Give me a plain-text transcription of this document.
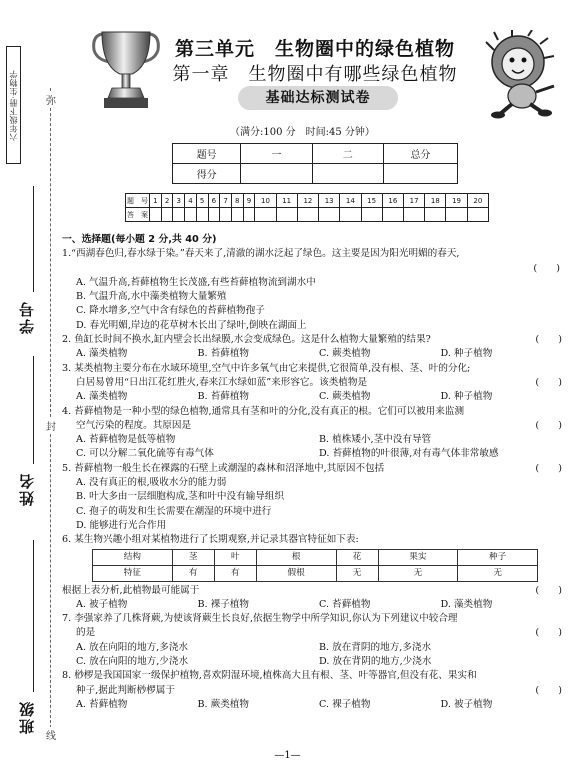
六年级下册·生物学
学号
姓名
班级
弥
封
线
第三单元　生物圈中的绿色植物
第一章　生物圈中有哪些绿色植物
基础达标测试卷
（满分:100 分　时间:45 分钟）
题号	一	二	总分
得分			
题　号	1	2	3	4	5	6	7	8	9	10	11	12	13	14	15	16	17	18	19	20
答　案																				
一、选择题(每小题 2 分,共 40 分)
1.“西湖春色归,春水绿于染。”春天来了,清澈的湖水泛起了绿色。这主要是因为阳光明媚的春天,
(　　)
A. 气温升高,苔藓植物生长茂盛,有些苔藓植物流到湖水中
B. 气温升高,水中藻类植物大量繁殖
C. 降水增多,空气中含有绿色的苔藓植物孢子
D. 春光明媚,岸边的花草树木长出了绿叶,倒映在湖面上
(　　)
2. 鱼缸长时间不换水,缸内壁会长出绿膜,水会变成绿色。这是什么植物大量繁殖的结果?
A. 藻类植物	B. 苔藓植物	C. 蕨类植物	D. 种子植物
3. 某类植物主要分布在水域环境里,空气中许多氧气由它来提供,它很简单,没有根、茎、叶的分化;
(　　)
白居易曾用“日出江花红胜火,春来江水绿如蓝”来形容它。该类植物是
A. 藻类植物	B. 苔藓植物	C. 蕨类植物	D. 种子植物
4. 苔藓植物是一种小型的绿色植物,通常具有茎和叶的分化,没有真正的根。它们可以被用来监测
(　　)
空气污染的程度。其原因是
A. 苔藓植物是低等植物	B. 植株矮小,茎中没有导管
C. 可以分解二氧化硫等有毒气体	D. 苔藓植物的叶很薄,对有毒气体非常敏感
(　　)
5. 苔藓植物一般生长在裸露的石壁上或潮湿的森林和沼泽地中,其原因不包括
A. 没有真正的根,吸收水分的能力弱
B. 叶大多由一层细胞构成,茎和叶中没有输导组织
C. 孢子的萌发和生长需要在潮湿的环境中进行
D. 能够进行光合作用
6. 某生物兴趣小组对某植物进行了长期观察,并记录其器官特征如下表:
结构	茎	叶	根	花	果实	种子
特征	有	有	假根	无	无	无
(　　)
根据上表分析,此植物最可能属于
A. 被子植物	B. 裸子植物	C. 苔藓植物	D. 藻类植物
7. 李强家养了几株肾蕨,为使该肾蕨生长良好,依据生物学中所学知识,你认为下列建议中较合理
(　　)
的是
A. 放在向阳的地方,多浇水	B. 放在背阴的地方,多浇水
C. 放在向阳的地方,少浇水	D. 放在背阴的地方,少浇水
8. 桫椤是我国国家一级保护植物,喜欢阴湿环境,植株高大且有根、茎、叶等器官,但没有花、果实和
(　　)
种子,据此判断桫椤属于
A. 苔藓植物	B. 蕨类植物	C. 裸子植物	D. 被子植物
—1—
